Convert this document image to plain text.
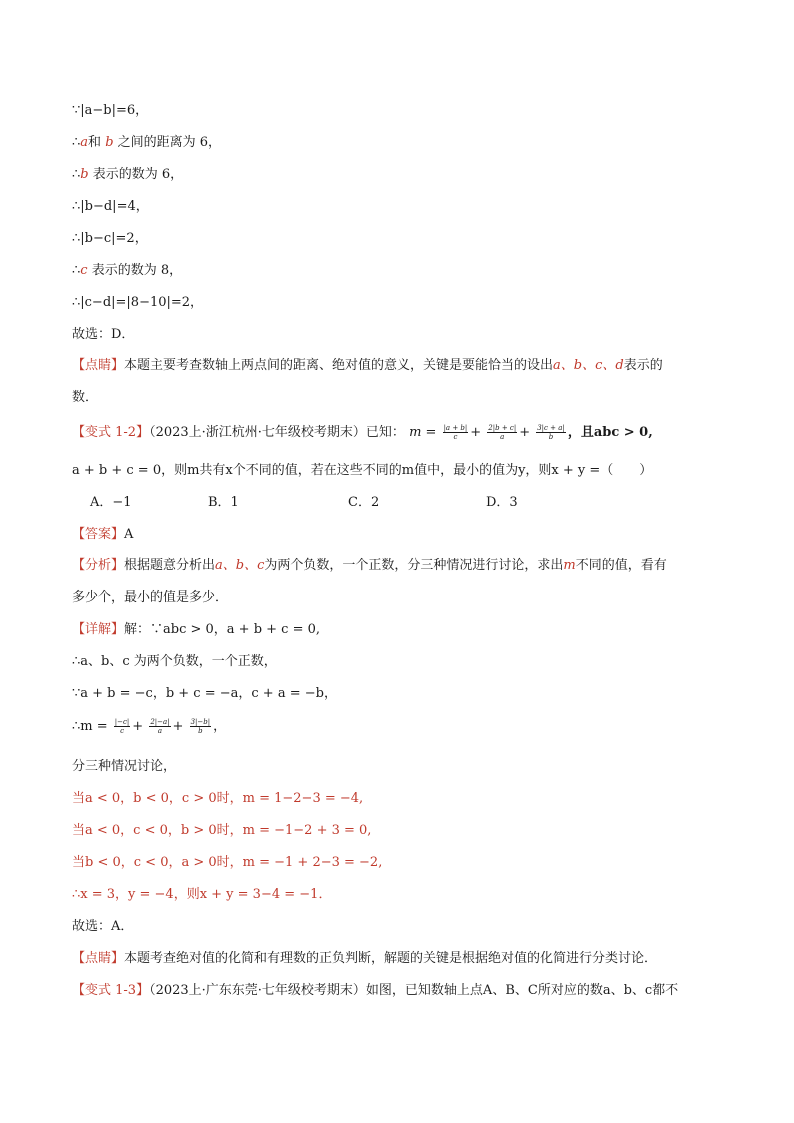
∵|a−b|=6，
∴a和 b 之间的距离为 6，
∴b 表示的数为 6，
∴|b−d|=4，
∴|b−c|=2，
∴c 表示的数为 8，
∴|c−d|=|8−10|=2，
故选：D．
【点睛】本题主要考查数轴上两点间的距离、绝对值的意义，关键是要能恰当的设出a、b、c、d表示的
数．
【变式 1-2】（2023上·浙江杭州·七年级校考期末）已知： $m = \frac{|a + b|}{c} + \frac{2|b + c|}{a} + \frac{3|c + a|}{b}$ ，且abc > 0,
a + b + c = 0，则m共有x个不同的值，若在这些不同的m值中，最小的值为y，则x + y =（　　）
A．−1	B．1	C．2	D．3
【答案】A
【分析】根据题意分析出a、b、c为两个负数，一个正数，分三种情况进行讨论，求出m不同的值，看有
多少个，最小的值是多少．
【详解】解：∵abc > 0，a + b + c = 0,
∴a、b、c 为两个负数，一个正数，
∵a + b = −c，b + c = −a，c + a = −b，
∴m = $\frac{|-c|}{c} + \frac{2|-a|}{a} + \frac{3|-b|}{b}$ ，
分三种情况讨论，
当a < 0，b < 0，c > 0时，m = 1−2−3 = −4,
当a < 0，c < 0，b > 0时，m = −1−2 + 3 = 0,
当b < 0，c < 0，a > 0时，m = −1 + 2−3 = −2,
∴x = 3，y = −4，则x + y = 3−4 = −1．
故选：A．
【点睛】本题考查绝对值的化简和有理数的正负判断，解题的关键是根据绝对值的化简进行分类讨论．
【变式 1-3】（2023上·广东东莞·七年级校考期末）如图，已知数轴上点A、B、C所对应的数a、b、c都不
